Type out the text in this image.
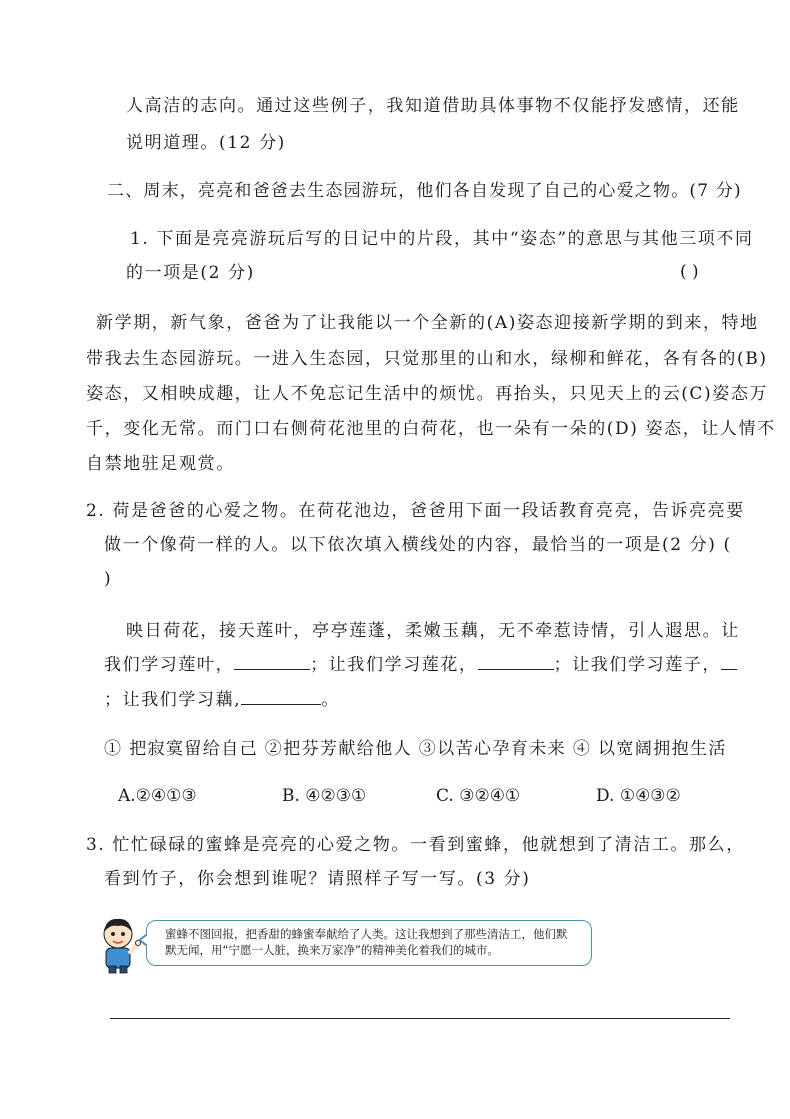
人高洁的志向。通过这些例子，我知道借助具体事物不仅能抒发感情，还能
说明道理。(12 分)
二、周末，亮亮和爸爸去生态园游玩，他们各自发现了自己的心爱之物。(7 分)
1. 下面是亮亮游玩后写的日记中的片段，其中“姿态”的意思与其他三项不同
的一项是(2 分)	( )
新学期，新气象，爸爸为了让我能以一个全新的(A)姿态迎接新学期的到来，特地
带我去生态园游玩。一进入生态园，只觉那里的山和水，绿柳和鲜花，各有各的(B)
姿态，又相映成趣，让人不免忘记生活中的烦忧。再抬头，只见天上的云(C)姿态万
千，变化无常。而门口右侧荷花池里的白荷花，也一朵有一朵的(D) 姿态，让人情不
自禁地驻足观赏。
2. 荷是爸爸的心爱之物。在荷花池边，爸爸用下面一段话教育亮亮，告诉亮亮要
做一个像荷一样的人。以下依次填入横线处的内容，最恰当的一项是(2 分) (
)
映日荷花，接天莲叶，亭亭莲蓬，柔嫩玉藕，无不牵惹诗情，引人遐思。让
我们学习莲叶，	；让我们学习莲花，	；让我们学习莲子，
；让我们学习藕,	。
① 把寂寞留给自己 ②把芬芳献给他人 ③以苦心孕育未来 ④ 以宽阔拥抱生活
A.②④①③	B. ④②③①	C. ③②④①	D. ①④③②
3. 忙忙碌碌的蜜蜂是亮亮的心爱之物。一看到蜜蜂，他就想到了清洁工。那么，
看到竹子，你会想到谁呢？请照样子写一写。(3 分)
蜜蜂不图回报，把香甜的蜂蜜奉献给了人类。这让我想到了那些清洁工，他们默
默无闻，用“宁愿一人脏，换来万家净”的精神美化着我们的城市。
